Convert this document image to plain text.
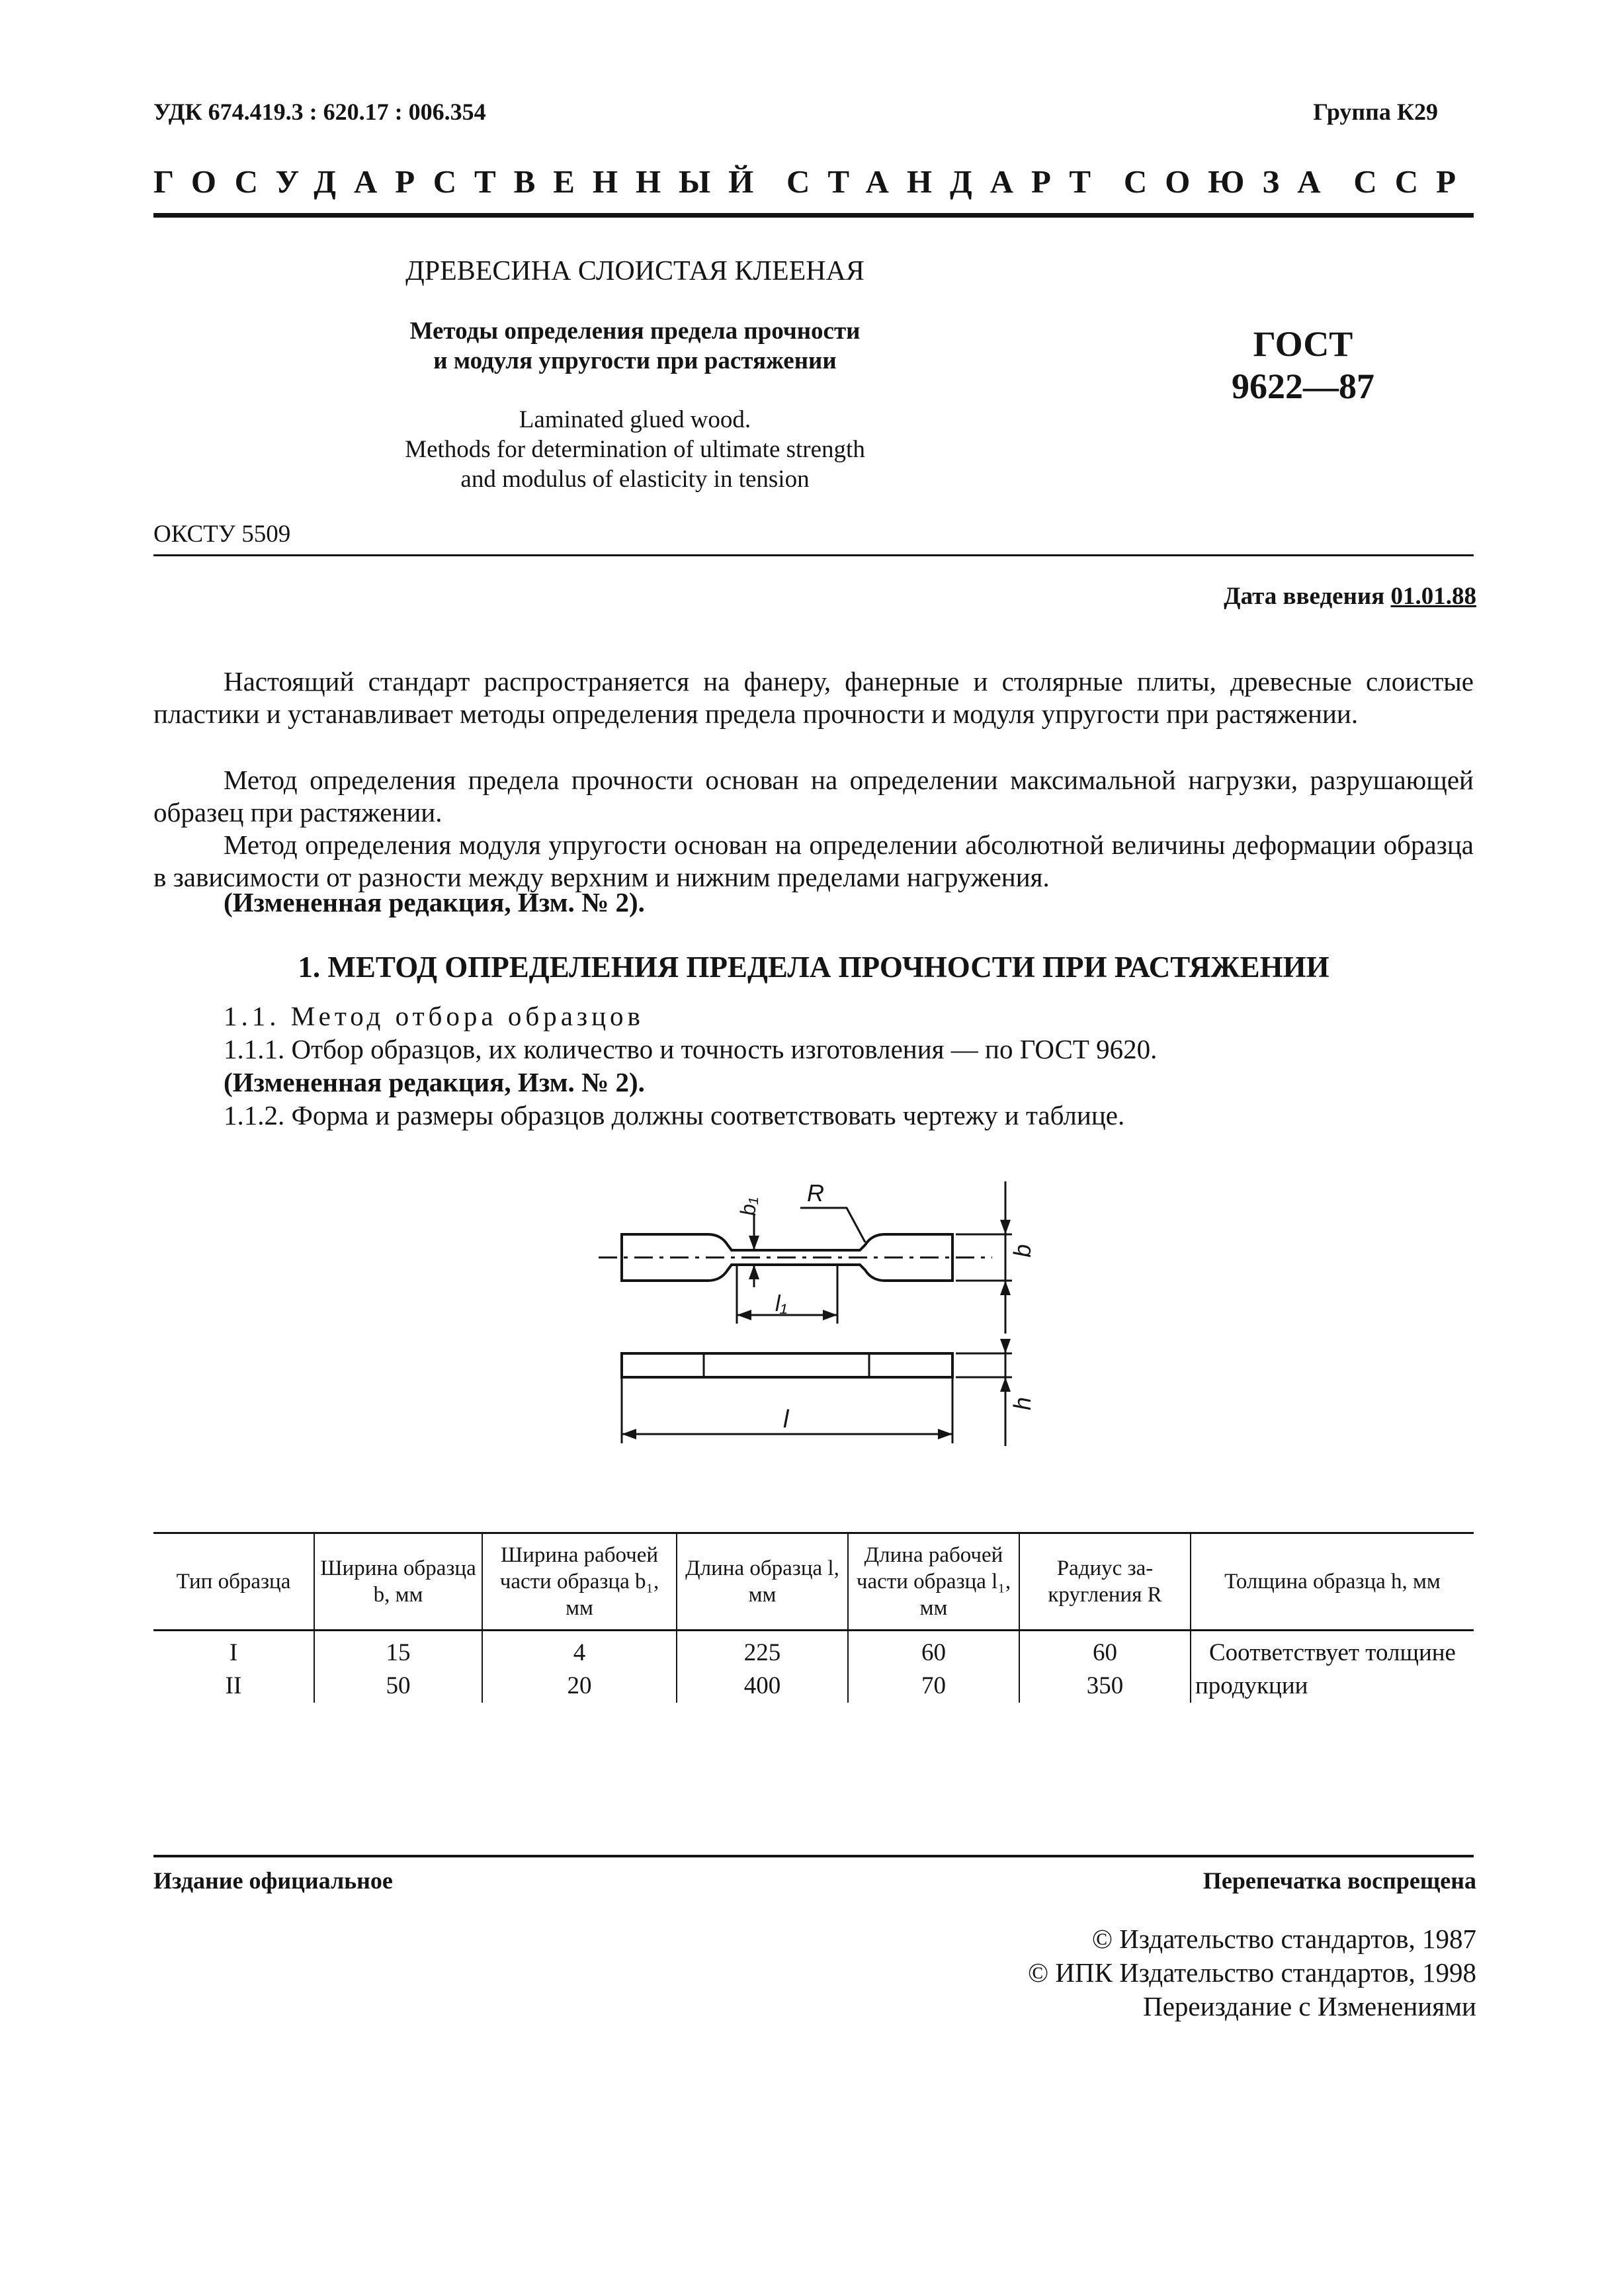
УДК 674.419.3 : 620.17 : 006.354	Группа К29
ГОСУДАРСТВЕННЫЙ СТАНДАРТ СОЮЗА ССР
ДРЕВЕСИНА СЛОИСТАЯ КЛЕЕНАЯ
Методы определения предела прочности
и модуля упругости при растяжении
Laminated glued wood.
Methods for determination of ultimate strength
and modulus of elasticity in tension
ГОСТ
9622—87
ОКСТУ 5509
Дата введения 01.01.88
Настоящий стандарт распространяется на фанеру, фанерные и столярные плиты, древесные слоистые пластики и устанавливает методы определения предела прочности и модуля упругости при растяжении.
Метод определения предела прочности основан на определении максимальной нагрузки, разрушающей образец при растяжении.
Метод определения модуля упругости основан на определении абсолютной величины деформации образца в зависимости от разности между верхним и нижним пределами нагружения.
(Измененная редакция, Изм. № 2).
1. МЕТОД ОПРЕДЕЛЕНИЯ ПРЕДЕЛА ПРОЧНОСТИ ПРИ РАСТЯЖЕНИИ
1.1. Метод отбора образцов
1.1.1. Отбор образцов, их количество и точность изготовления — по ГОСТ 9620.
(Измененная редакция, Изм. № 2).
1.1.2. Форма и размеры образцов должны соответствовать чертежу и таблице.
R
b₁
b
l₁
l
h
Тип образца	Ширина образца b, мм	Ширина рабочей части образца b₁, мм	Длина образца l, мм	Длина рабочей части образца l₁, мм	Радиус закругления R	Толщина образца h, мм
I	15	4	225	60	60	Соответствует толщине
II	50	20	400	70	350	продукции
Издание официальное	Перепечатка воспрещена
© Издательство стандартов, 1987
© ИПК Издательство стандартов, 1998
Переиздание с Изменениями
